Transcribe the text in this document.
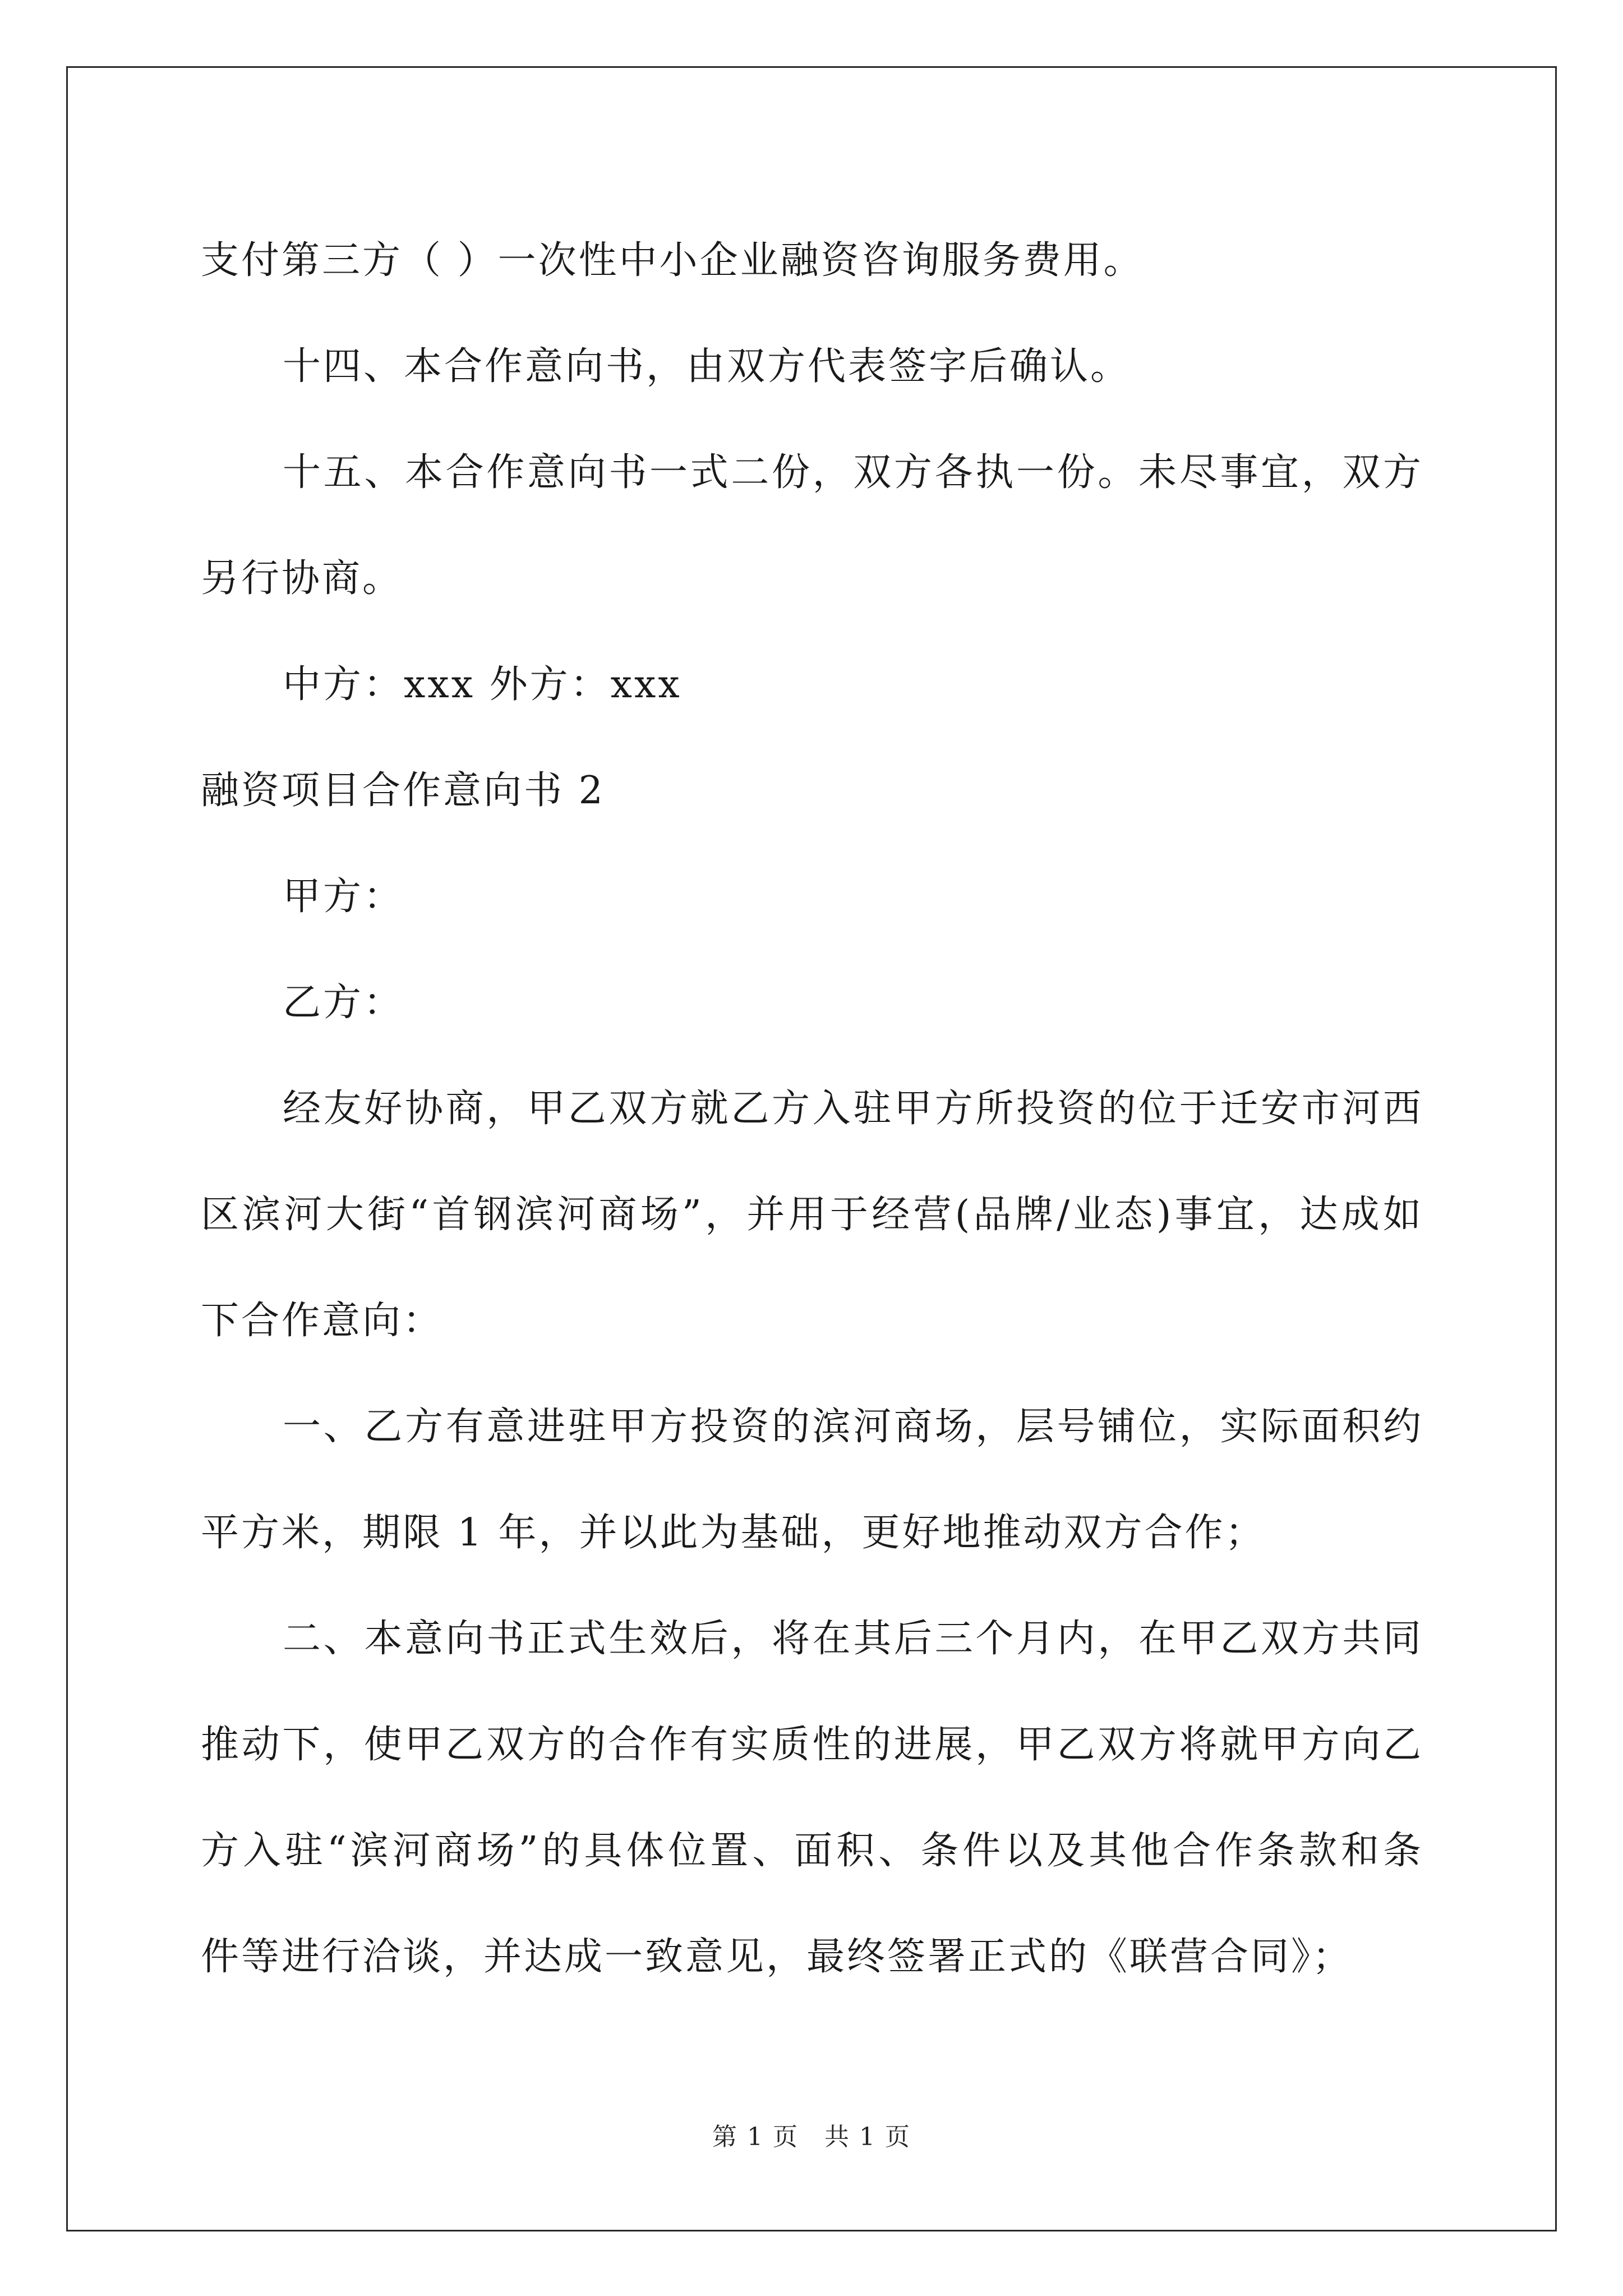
支付第三方（ ）一次性中小企业融资咨询服务费用。
十四、本合作意向书，由双方代表签字后确认。
十五、本合作意向书一式二份，双方各执一份。未尽事宜，双方
另行协商。
中方：xxx 外方：xxx
融资项目合作意向书 2
甲方：
乙方：
经友好协商，甲乙双方就乙方入驻甲方所投资的位于迁安市河西
区滨河大街“首钢滨河商场”，并用于经营(品牌/业态)事宜，达成如
下合作意向：
一、乙方有意进驻甲方投资的滨河商场，层号铺位，实际面积约
平方米，期限 1 年，并以此为基础，更好地推动双方合作；
二、本意向书正式生效后，将在其后三个月内，在甲乙双方共同
推动下，使甲乙双方的合作有实质性的进展，甲乙双方将就甲方向乙
方入驻“滨河商场”的具体位置、面积、条件以及其他合作条款和条
件等进行洽谈，并达成一致意见，最终签署正式的《联营合同》；
第 1 页　共 1 页
